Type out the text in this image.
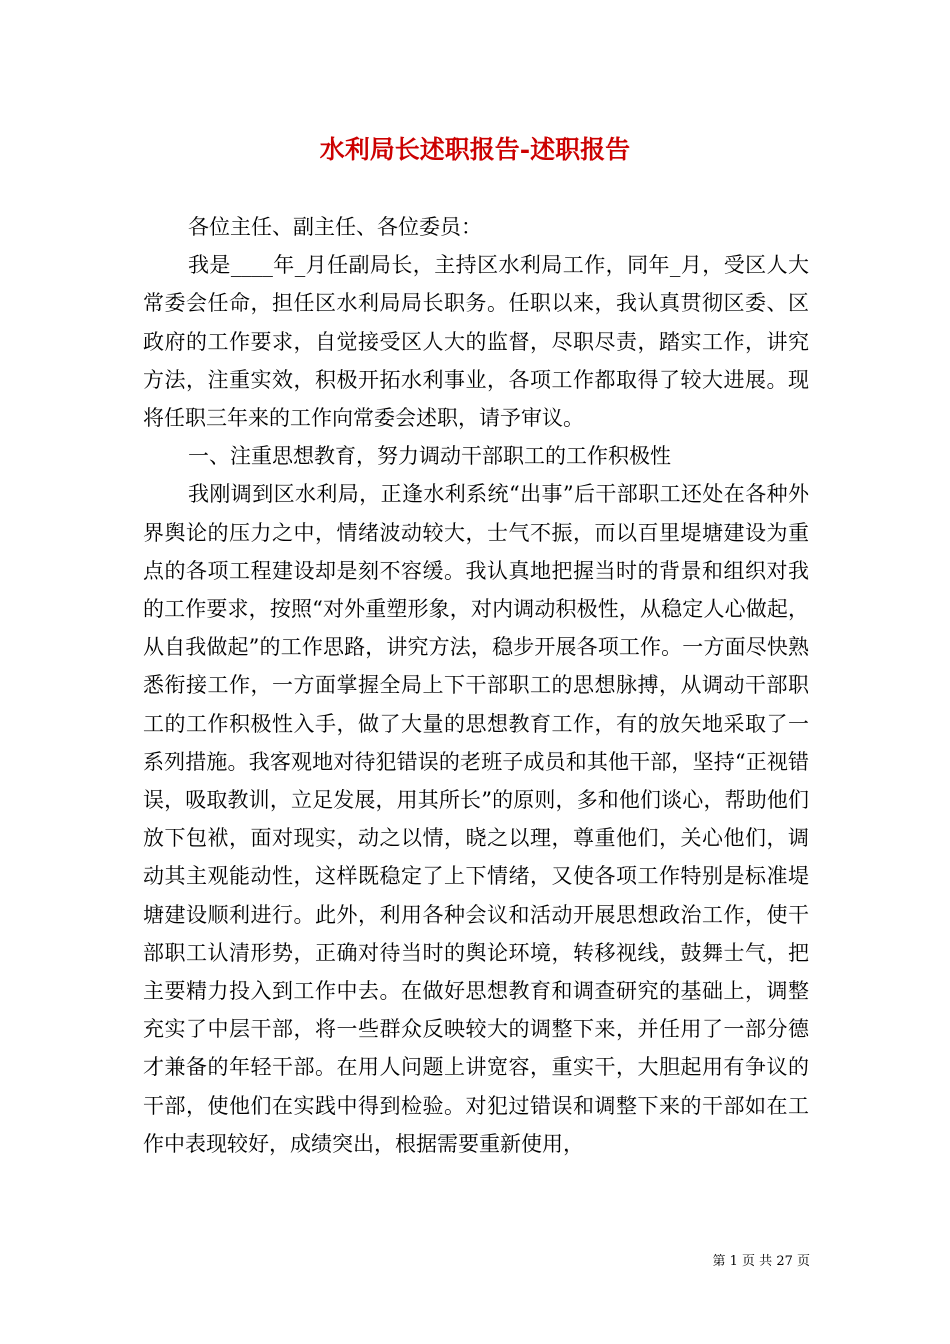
水利局长述职报告-述职报告

各位主任、副主任、各位委员：

我是____年_月任副局长，主持区水利局工作，同年_月，受区人大常委会任命，担任区水利局局长职务。任职以来，我认真贯彻区委、区政府的工作要求，自觉接受区人大的监督，尽职尽责，踏实工作，讲究方法，注重实效，积极开拓水利事业，各项工作都取得了较大进展。现将任职三年来的工作向常委会述职，请予审议。

一、注重思想教育，努力调动干部职工的工作积极性

我刚调到区水利局，正逢水利系统“出事”后干部职工还处在各种外界舆论的压力之中，情绪波动较大，士气不振，而以百里堤塘建设为重点的各项工程建设却是刻不容缓。我认真地把握当时的背景和组织对我的工作要求，按照“对外重塑形象，对内调动积极性，从稳定人心做起，从自我做起”的工作思路，讲究方法，稳步开展各项工作。一方面尽快熟悉衔接工作，一方面掌握全局上下干部职工的思想脉搏，从调动干部职工的工作积极性入手，做了大量的思想教育工作，有的放矢地采取了一系列措施。我客观地对待犯错误的老班子成员和其他干部，坚持“正视错误，吸取教训，立足发展，用其所长”的原则，多和他们谈心，帮助他们放下包袱，面对现实，动之以情，晓之以理，尊重他们，关心他们，调动其主观能动性，这样既稳定了上下情绪，又使各项工作特别是标准堤塘建设顺利进行。此外，利用各种会议和活动开展思想政治工作，使干部职工认清形势，正确对待当时的舆论环境，转移视线，鼓舞士气，把主要精力投入到工作中去。在做好思想教育和调查研究的基础上，调整充实了中层干部，将一些群众反映较大的调整下来，并任用了一部分德才兼备的年轻干部。在用人问题上讲宽容，重实干，大胆起用有争议的干部，使他们在实践中得到检验。对犯过错误和调整下来的干部如在工作中表现较好，成绩突出，根据需要重新使用，

第 1 页 共 27 页
